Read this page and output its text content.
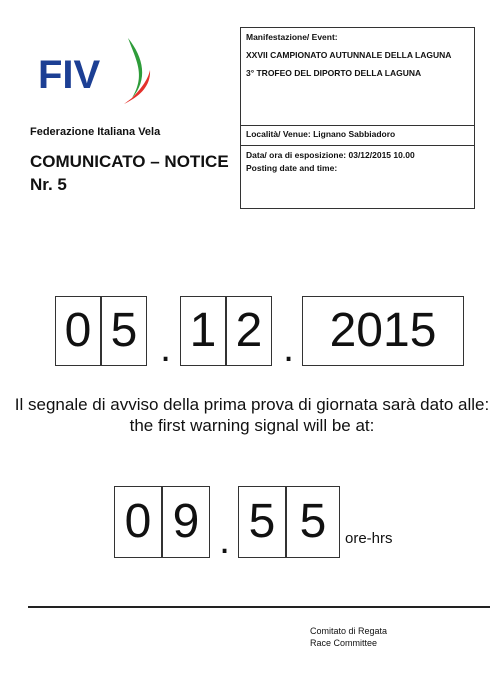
FIV
Federazione Italiana Vela
COMUNICATO – NOTICE
Nr. 5
Manifestazione/ Event:
XXVII CAMPIONATO AUTUNNALE DELLA LAGUNA
3° TROFEO DEL DIPORTO DELLA LAGUNA
Località/ Venue: Lignano Sabbiadoro
Data/ ora di esposizione: 03/12/2015 10.00
Posting date and time:
0 5 . 1 2 . 2015
Il segnale di avviso della prima prova di giornata sarà dato alle:
the first warning signal will be at:
0 9 . 5 5	ore-hrs
Comitato di Regata
Race Committee
